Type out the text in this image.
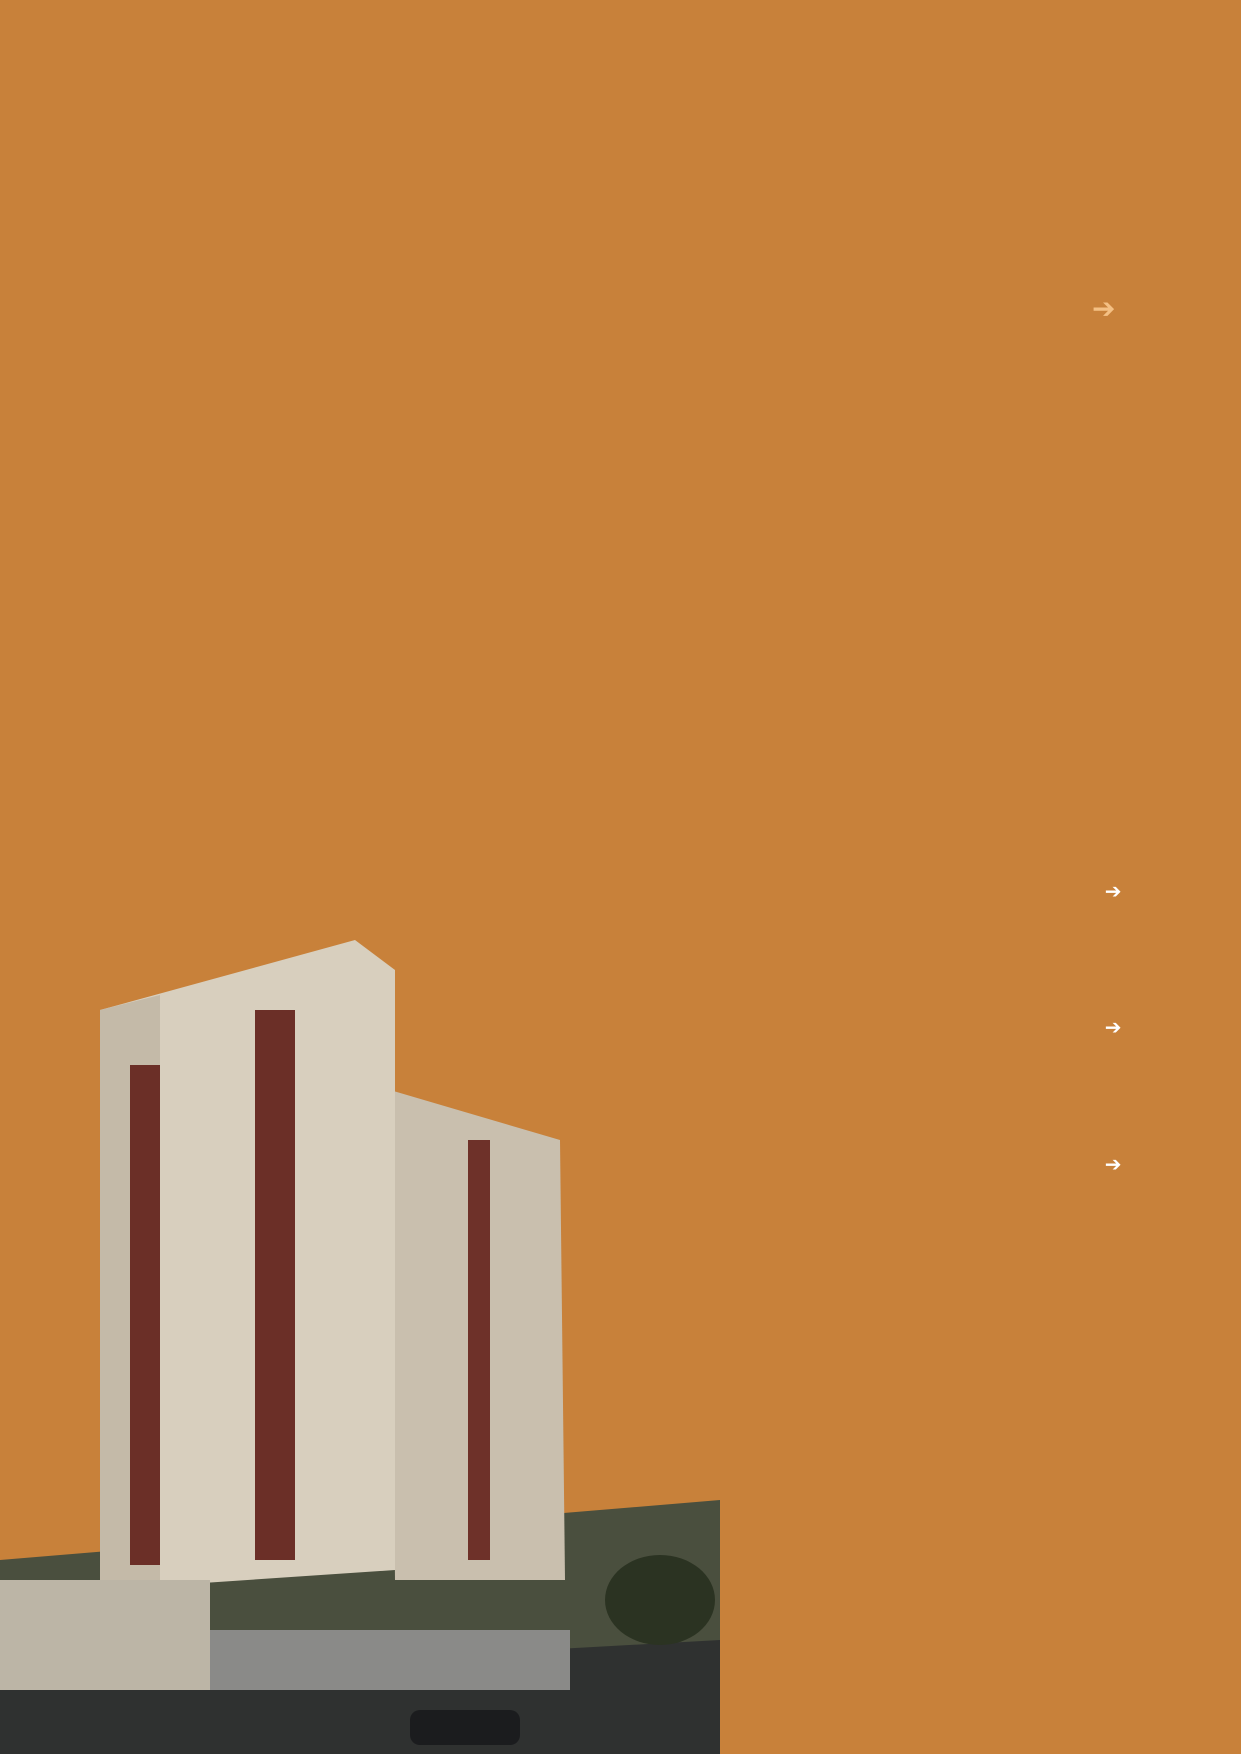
➔
➔
➔
➔
